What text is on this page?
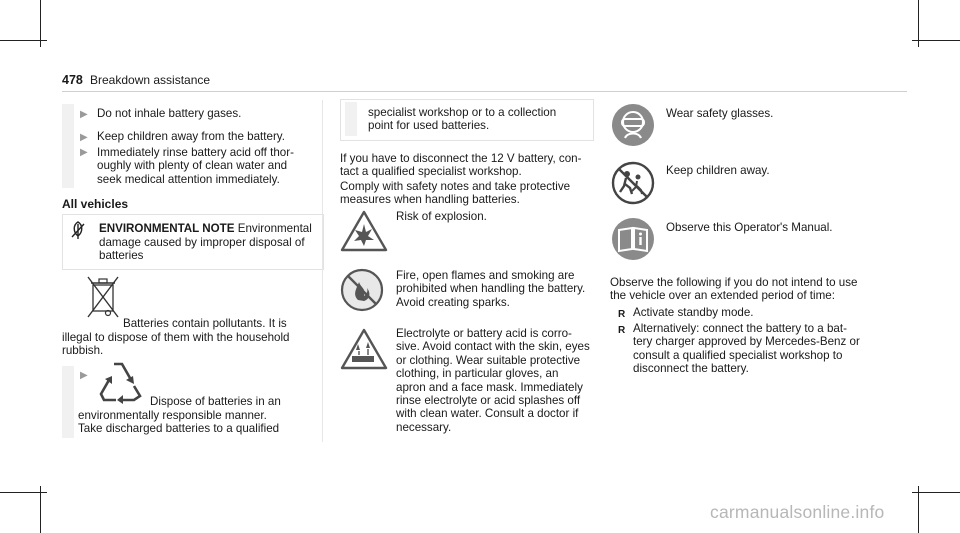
478 Breakdown assistance
▶ Do not inhale battery gases.
▶ Keep children away from the battery.
▶ Immediately rinse battery acid off thor-
oughly with plenty of clean water and
seek medical attention immediately.
All vehicles
ENVIRONMENTAL NOTE Environmental
damage caused by improper disposal of
batteries
Batteries contain pollutants. It is
illegal to dispose of them with the household
rubbish.
▶
Dispose of batteries in an
environmentally responsible manner.
Take discharged batteries to a qualified
specialist workshop or to a collection
point for used batteries.
If you have to disconnect the 12 V battery, con-
tact a qualified specialist workshop.
Comply with safety notes and take protective
measures when handling batteries.
Risk of explosion.
Fire, open flames and smoking are
prohibited when handling the battery.
Avoid creating sparks.
Electrolyte or battery acid is corro-
sive. Avoid contact with the skin, eyes
or clothing. Wear suitable protective
clothing, in particular gloves, an
apron and a face mask. Immediately
rinse electrolyte or acid splashes off
with clean water. Consult a doctor if
necessary.
Wear safety glasses.
Keep children away.
Observe this Operator's Manual.
Observe the following if you do not intend to use
the vehicle over an extended period of time:
R Activate standby mode.
R Alternatively: connect the battery to a bat-
tery charger approved by Mercedes-Benz or
consult a qualified specialist workshop to
disconnect the battery.
carmanualsonline.info
